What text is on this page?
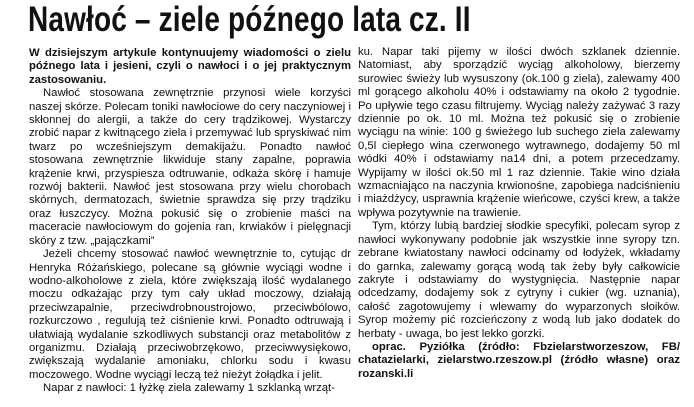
Nawłoć – ziele późnego lata cz. II

W dzisiejszym artykule kontynuujemy wiadomości o zielu późnego lata i jesieni, czyli o nawłoci i o jej praktycznym zastosowaniu.

Nawłoć stosowana zewnętrznie przynosi wiele korzyści naszej skórze. Polecam toniki nawłociowe do cery naczyniowej i skłonnej do alergii, a także do cery trądzikowej. Wystarczy zrobić napar z kwitnącego ziela i przemywać lub spryskiwać nim twarz po wcześniejszym demakijażu. Ponadto nawłoć stosowana zewnętrznie likwiduje stany zapalne, poprawia krążenie krwi, przyspiesza odtruwanie, odkaża skórę i hamuje rozwój bakterii. Nawłoć jest stosowana przy wielu chorobach skórnych, dermatozach, świetnie sprawdza się przy trądziku oraz łuszczycy. Można pokusić się o zrobienie maści na maceracie nawłociowym do gojenia ran, krwiaków i pielęgnacji skóry z tzw. „pajączkami”

Jeżeli chcemy stosować nawłoć wewnętrznie to, cytując dr Henryka Różańskiego, polecane są głównie wyciągi wodne i wodno-alkoholowe z ziela, które zwiększają ilość wydalanego moczu odkażając przy tym cały układ moczowy, działają przeciwzapalnie, przeciwdrobnoustrojowo, przeciwbólowo, rozkurczowo , regulują też ciśnienie krwi. Ponadto odtruwają i ułatwiają wydalanie szkodliwych substancji oraz metabolitów z organizmu. Działają przeciwobrzękowo, przeciwwysiękowo, zwiększają wydalanie amoniaku, chlorku sodu i kwasu moczowego. Wodne wyciągi leczą też nieżyt żołądka i jelit.

Napar z nawłoci: 1 łyżkę ziela zalewamy 1 szklanką wrząt-

ku. Napar taki pijemy w ilości dwóch szklanek dziennie. Natomiast, aby sporządzić wyciąg alkoholowy, bierzemy surowiec świeży lub wysuszony (ok.100 g ziela), zalewamy 400 ml gorącego alkoholu 40% i odstawiamy na około 2 tygodnie. Po upływie tego czasu filtrujemy. Wyciąg należy zażywać 3 razy dziennie po ok. 10 ml. Można też pokusić się o zrobienie wyciągu na winie: 100 g świeżego lub suchego ziela zalewamy 0,5l ciepłego wina czerwonego wytrawnego, dodajemy 50 ml wódki 40% i odstawiamy na14 dni, a potem przecedzamy. Wypijamy w ilości ok.50 ml 1 raz dziennie. Takie wino działa wzmacniająco na naczynia krwionośne, zapobiega nadciśnieniu i miażdżycy, usprawnia krążenie wieńcowe, czyści krew, a także wpływa pozytywnie na trawienie.

Tym, którzy lubią bardziej słodkie specyfiki, polecam syrop z nawłoci wykonywany podobnie jak wszystkie inne syropy tzn. zebrane kwiatostany nawłoci odcinamy od łodyżek, wkładamy do garnka, zalewamy gorącą wodą tak żeby były całkowicie zakryte i odstawiamy do wystygnięcia. Następnie napar odcedzamy, dodajemy sok z cytryny i cukier (wg. uznania), całość zagotowujemy i wlewamy do wyparzonych słoików. Syrop możemy pić rozcieńczony z wodą lub jako dodatek do herbaty - uwaga, bo jest lekko gorzki.

oprac. Pyziółka (źródło: Fbzielarstworzeszow, FB/ chatazielarki, zielarstwo.rzeszow.pl (źródło własne) oraz rozanski.li
